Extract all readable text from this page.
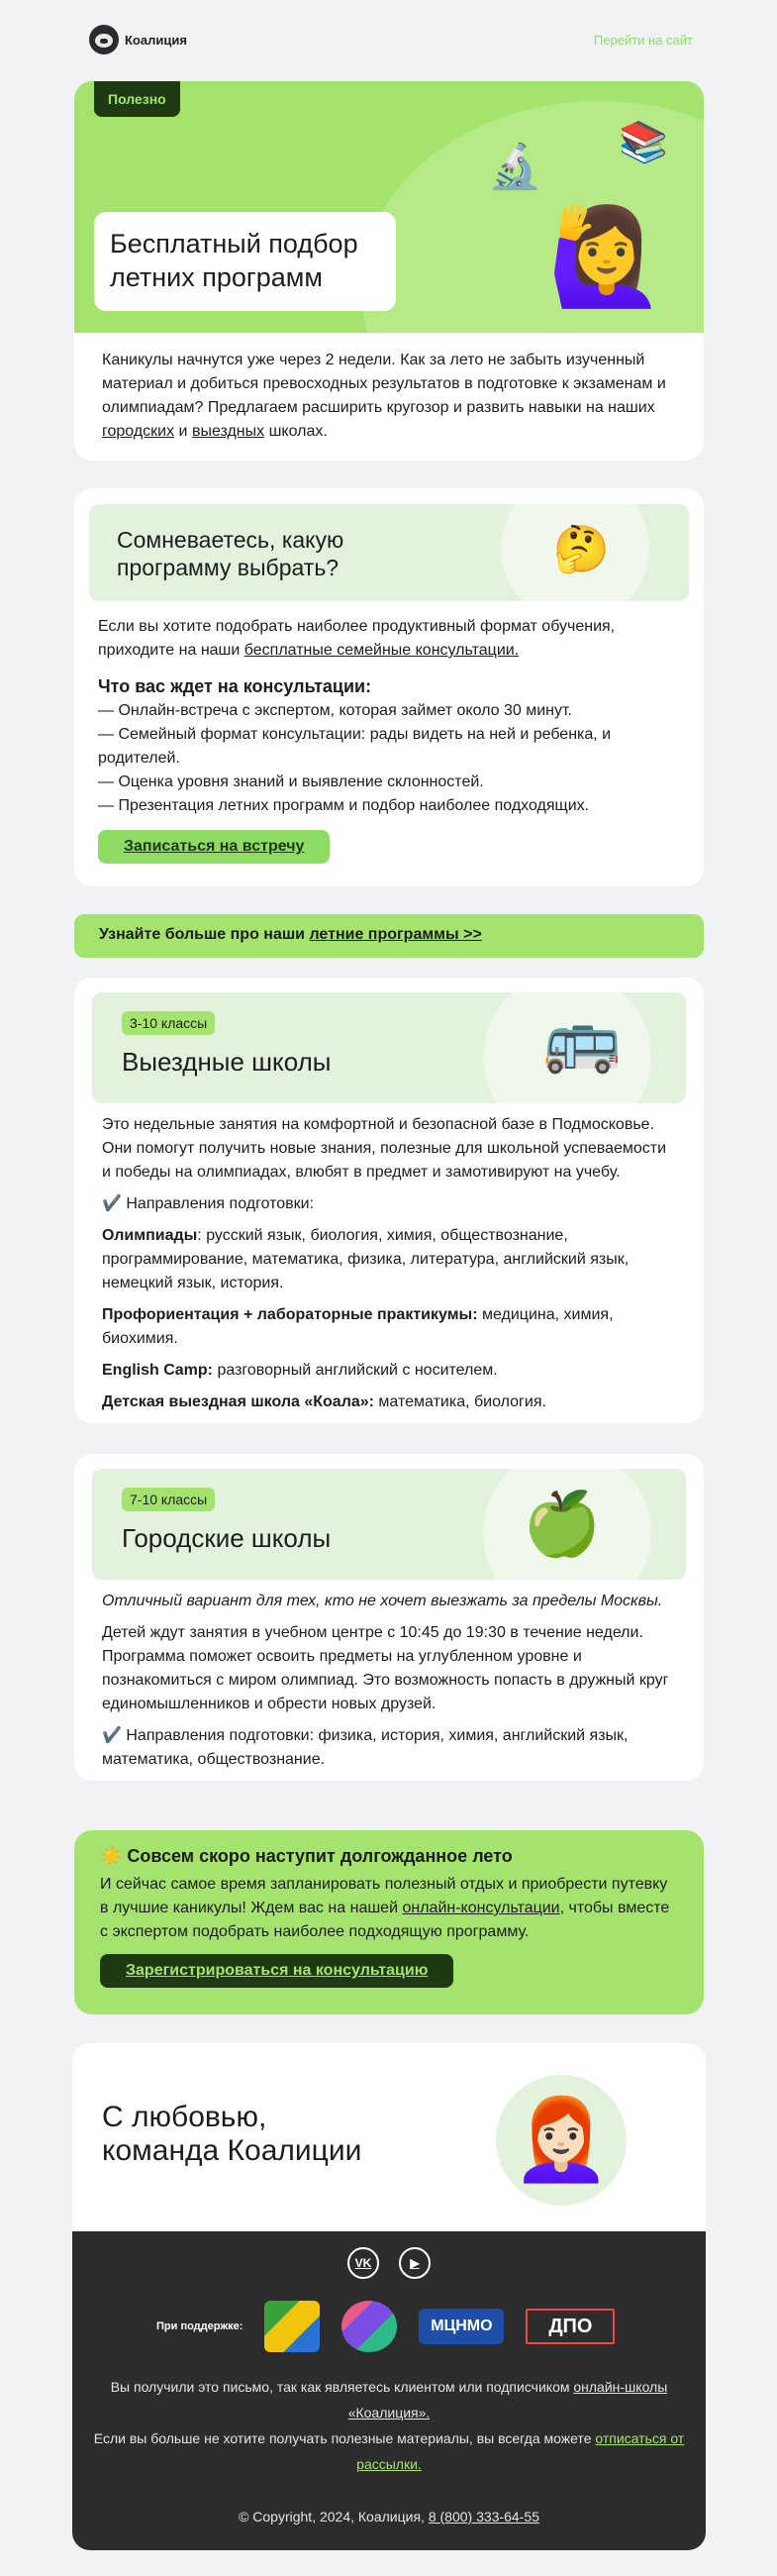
Коалиция	Перейти на сайт
Полезно
🔬 📚
🙋‍♀️
Бесплатный подбор летних программ
Каникулы начнутся уже через 2 недели. Как за лето не забыть изученный материал и добиться превосходных результатов в подготовке к экзаменам и олимпиадам? Предлагаем расширить кругозор и развить навыки на наших городских и выездных школах.
Сомневаетесь, какую программу выбрать?	🤔

Если вы хотите подобрать наиболее продуктивный формат обучения, приходите на наши бесплатные семейные консультации.

Что вас ждет на консультации:
— Онлайн-встреча с экспертом, которая займет около 30 минут.
— Семейный формат консультации: рады видеть на ней и ребенка, и родителей.
— Оценка уровня знаний и выявление склонностей.
— Презентация летних программ и подбор наиболее подходящих.
Записаться на встречу
Узнайте больше про наши летние программы >>
3-10 классы
Выездные школы	🚌

Это недельные занятия на комфортной и безопасной базе в Подмосковье. Они помогут получить новые знания, полезные для школьной успеваемости и победы на олимпиадах, влюбят в предмет и замотивируют на учебу.

✔️ Направления подготовки:

Олимпиады: русский язык, биология, химия, обществознание, программирование, математика, физика, литература, английский язык, немецкий язык, история.

Профориентация + лабораторные практикумы: медицина, химия, биохимия.

English Camp: разговорный английский с носителем.

Детская выездная школа «Коала»: математика, биология.

7-10 классы
Городские школы	🍏

Отличный вариант для тех, кто не хочет выезжать за пределы Москвы.

Детей ждут занятия в учебном центре с 10:45 до 19:30 в течение недели. Программа поможет освоить предметы на углубленном уровне и познакомиться с миром олимпиад. Это возможность попасть в дружный круг единомышленников и обрести новых друзей.

✔️ Направления подготовки: физика, история, химия, английский язык, математика, обществознание.

☀️ Совсем скоро наступит долгожданное лето

И сейчас самое время запланировать полезный отдых и приобрести путевку в лучшие каникулы! Ждем вас на нашей онлайн-консультации, чтобы вместе с экспертом подобрать наиболее подходящую программу.

Зарегистрироваться на консультацию
С любовью,
команда Коалиции 👩🏻‍🦰
VK	▶
При поддержке:	МЦНМО	ДПО

Вы получили это письмо, так как являетесь клиентом или подписчиком онлайн-школы «Коалиция».

Если вы больше не хотите получать полезные материалы, вы всегда можете отписаться от рассылки.

© Copyright, 2024, Коалиция, 8 (800) 333-64-55
